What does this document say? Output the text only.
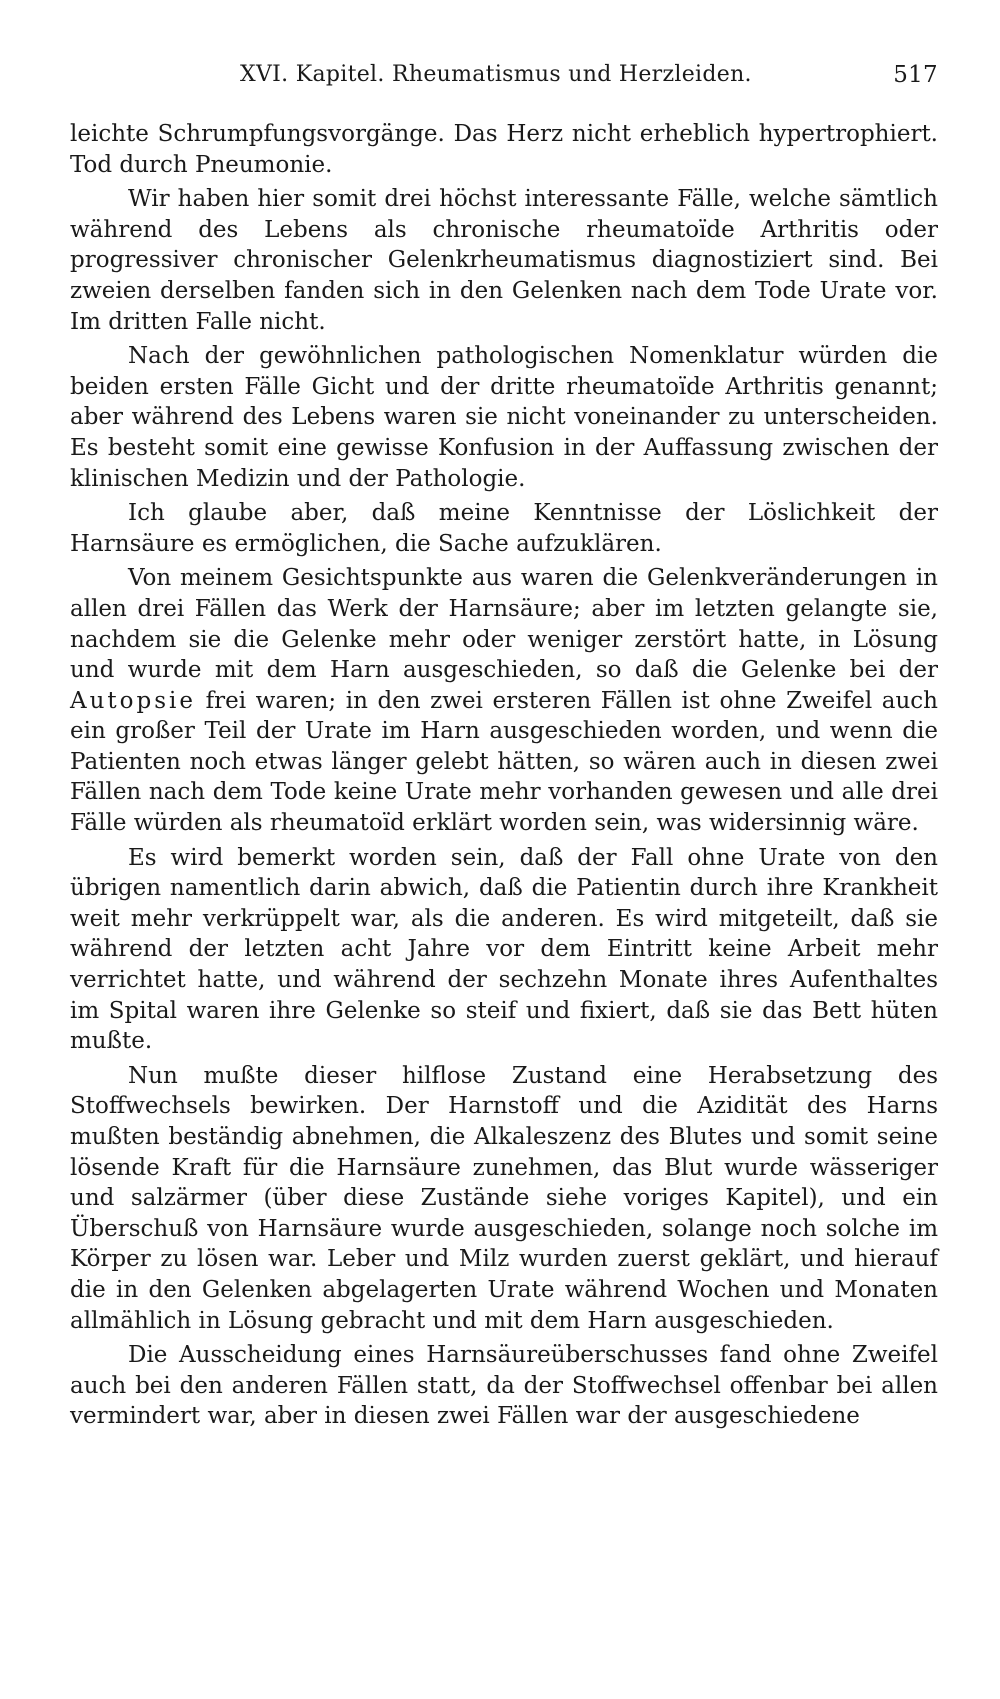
XVI. Kapitel. Rheumatismus und Herzleiden.	517

leichte Schrumpfungsvorgänge. Das Herz nicht erheblich hypertrophiert. Tod durch Pneumonie.

Wir haben hier somit drei höchst interessante Fälle, welche sämtlich während des Lebens als chronische rheumatoïde Arthritis oder progressiver chronischer Gelenkrheumatismus diagnostiziert sind. Bei zweien derselben fanden sich in den Gelenken nach dem Tode Urate vor. Im dritten Falle nicht.

Nach der gewöhnlichen pathologischen Nomenklatur würden die beiden ersten Fälle Gicht und der dritte rheumatoïde Arthritis genannt; aber während des Lebens waren sie nicht voneinander zu unterscheiden. Es besteht somit eine gewisse Konfusion in der Auffassung zwischen der klinischen Medizin und der Pathologie.

Ich glaube aber, daß meine Kenntnisse der Löslichkeit der Harnsäure es ermöglichen, die Sache aufzuklären.

Von meinem Gesichtspunkte aus waren die Gelenkveränderungen in allen drei Fällen das Werk der Harnsäure; aber im letzten gelangte sie, nachdem sie die Gelenke mehr oder weniger zerstört hatte, in Lösung und wurde mit dem Harn ausgeschieden, so daß die Gelenke bei der Autopsie frei waren; in den zwei ersteren Fällen ist ohne Zweifel auch ein großer Teil der Urate im Harn ausgeschieden worden, und wenn die Patienten noch etwas länger gelebt hätten, so wären auch in diesen zwei Fällen nach dem Tode keine Urate mehr vorhanden gewesen und alle drei Fälle würden als rheumatoïd erklärt worden sein, was widersinnig wäre.

Es wird bemerkt worden sein, daß der Fall ohne Urate von den übrigen namentlich darin abwich, daß die Patientin durch ihre Krankheit weit mehr verkrüppelt war, als die anderen. Es wird mitgeteilt, daß sie während der letzten acht Jahre vor dem Eintritt keine Arbeit mehr verrichtet hatte, und während der sechzehn Monate ihres Aufenthaltes im Spital waren ihre Gelenke so steif und fixiert, daß sie das Bett hüten mußte.

Nun mußte dieser hilflose Zustand eine Herabsetzung des Stoffwechsels bewirken. Der Harnstoff und die Azidität des Harns mußten beständig abnehmen, die Alkaleszenz des Blutes und somit seine lösende Kraft für die Harnsäure zunehmen, das Blut wurde wässeriger und salzärmer (über diese Zustände siehe voriges Kapitel), und ein Überschuß von Harnsäure wurde ausgeschieden, solange noch solche im Körper zu lösen war. Leber und Milz wurden zuerst geklärt, und hierauf die in den Gelenken abgelagerten Urate während Wochen und Monaten allmählich in Lösung gebracht und mit dem Harn ausgeschieden.

Die Ausscheidung eines Harnsäureüberschusses fand ohne Zweifel auch bei den anderen Fällen statt, da der Stoffwechsel offenbar bei allen vermindert war, aber in diesen zwei Fällen war der ausgeschiedene
